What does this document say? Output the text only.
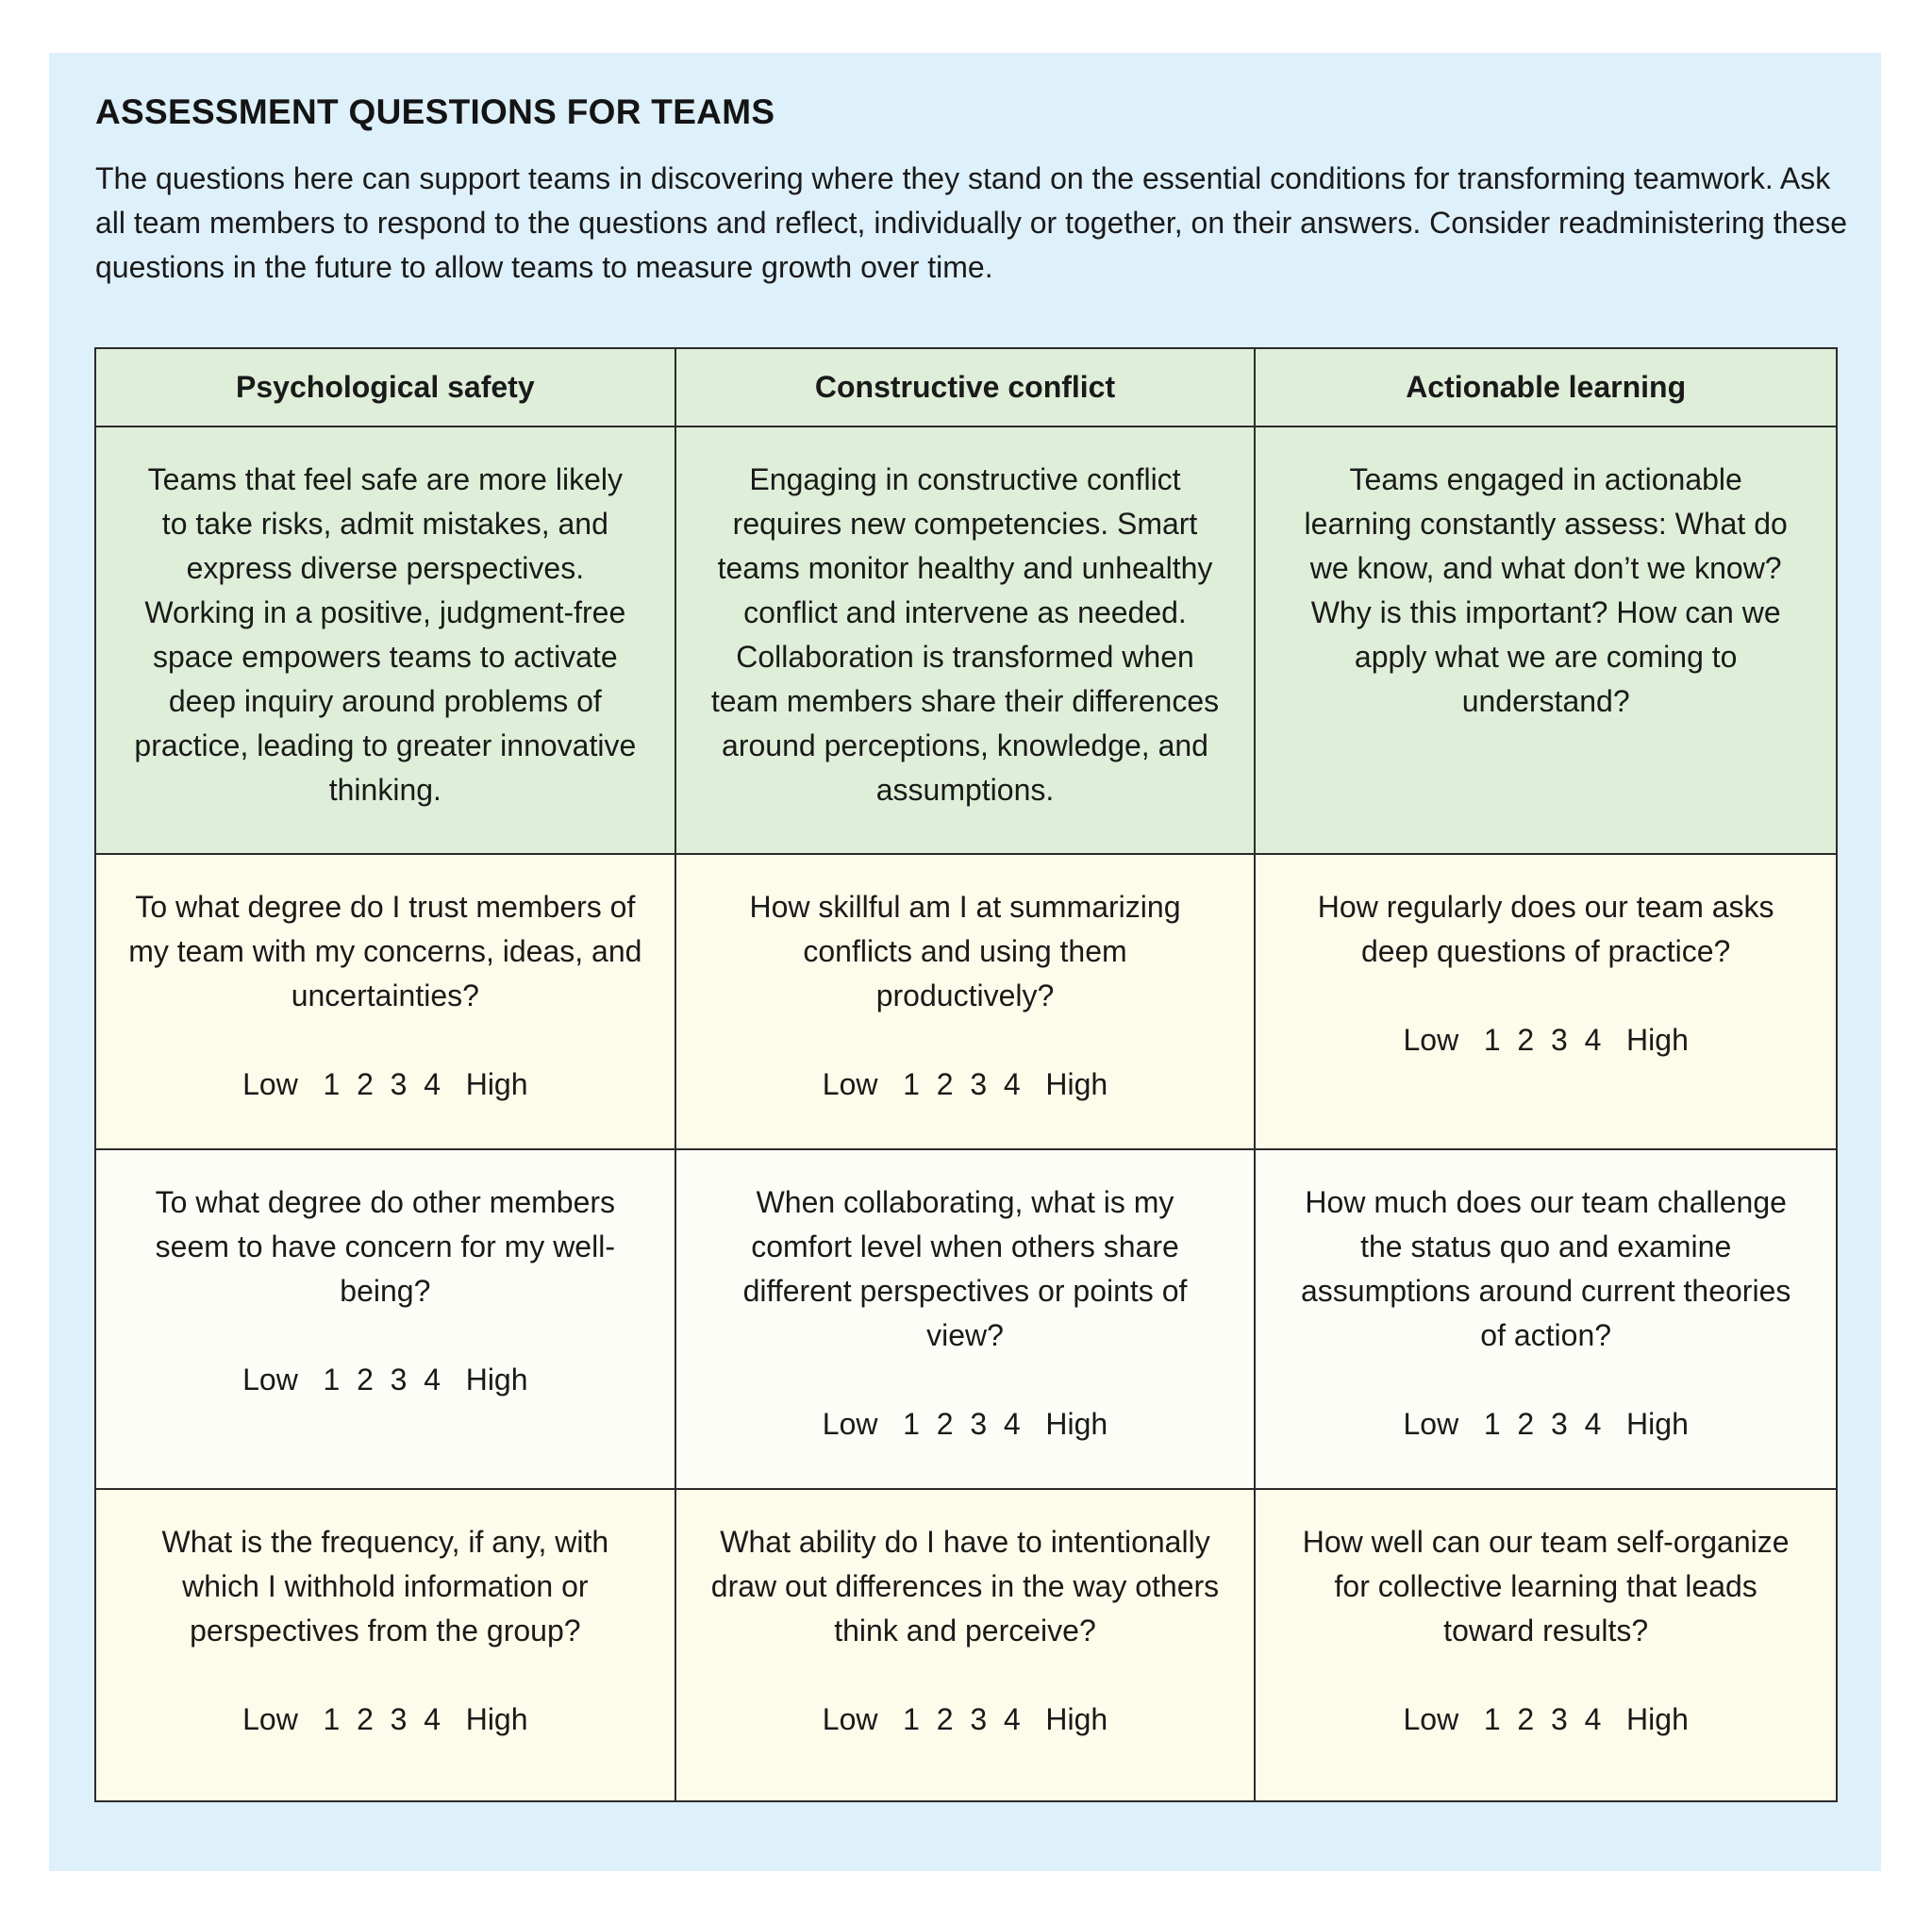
ASSESSMENT QUESTIONS FOR TEAMS

The questions here can support teams in discovering where they stand on the essential conditions for transforming teamwork. Ask all team members to respond to the questions and reflect, individually or together, on their answers. Consider readministering these questions in the future to allow teams to measure growth over time.

Psychological safety	Constructive conflict	Actionable learning

Teams that feel safe are more likely to take risks, admit mistakes, and express diverse perspectives. Working in a positive, judgment-free space empowers teams to activate deep inquiry around problems of practice, leading to greater innovative thinking.

Engaging in constructive conflict requires new competencies. Smart teams monitor healthy and unhealthy conflict and intervene as needed. Collaboration is transformed when team members share their differences around perceptions, knowledge, and assumptions.

Teams engaged in actionable learning constantly assess: What do we know, and what don’t we know? Why is this important? How can we apply what we are coming to understand?

To what degree do I trust members of my team with my concerns, ideas, and uncertainties?

Low   1  2  3  4   High

How skillful am I at summarizing conflicts and using them productively?

Low   1  2  3  4   High

How regularly does our team asks deep questions of practice?

Low   1  2  3  4   High

To what degree do other members seem to have concern for my well-being?

Low   1  2  3  4   High

When collaborating, what is my comfort level when others share different perspectives or points of view?

Low   1  2  3  4   High

How much does our team challenge the status quo and examine assumptions around current theories of action?

Low   1  2  3  4   High

What is the frequency, if any, with which I withhold information or perspectives from the group?

Low   1  2  3  4   High

What ability do I have to intentionally draw out differences in the way others think and perceive?

Low   1  2  3  4   High

How well can our team self-organize for collective learning that leads toward results?

Low   1  2  3  4   High
